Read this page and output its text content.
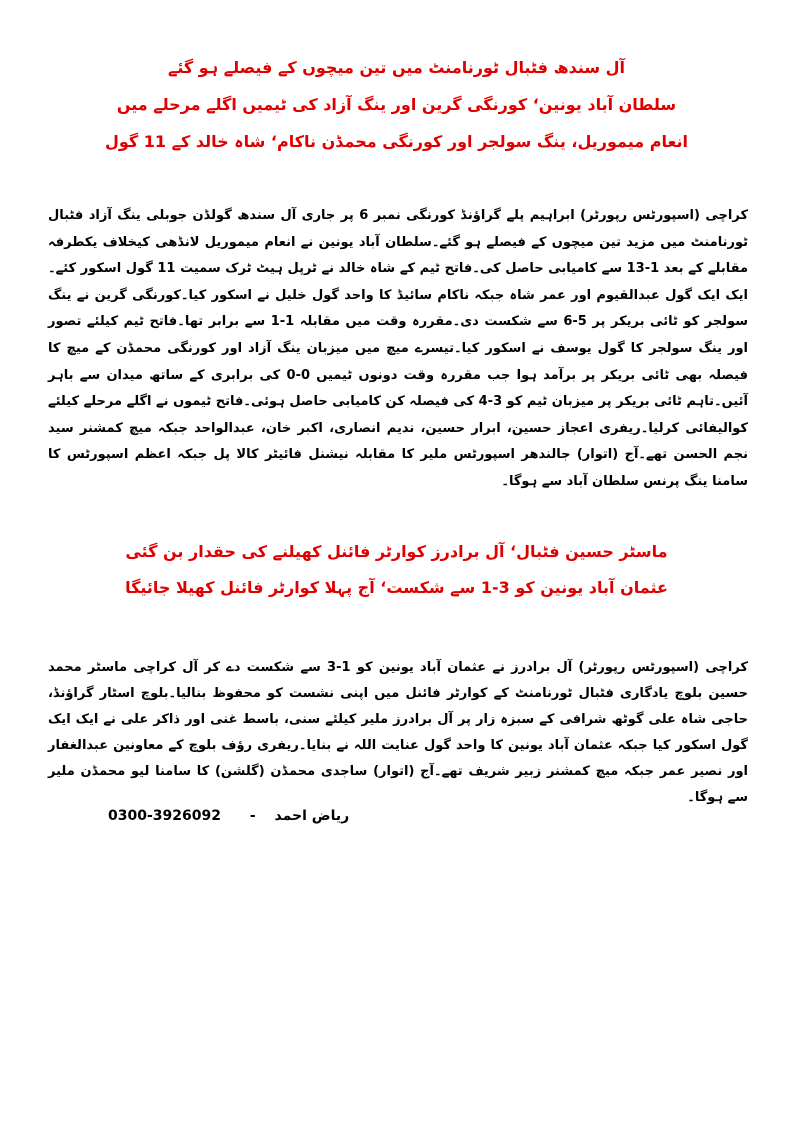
آل سندھ فٹبال ٹورنامنٹ میں تین میچوں کے فیصلے ہو گئے
سلطان آباد یونین‘ کورنگی گرین اور ینگ آزاد کی ٹیمیں اگلے مرحلے میں
انعام میموریل، ینگ سولجر اور کورنگی محمڈن ناکام‘ شاہ خالد کے 11 گول

کراچی (اسپورٹس رپورٹر) ابراہیم پلے گراؤنڈ کورنگی نمبر 6 پر جاری آل سندھ گولڈن جوبلی ینگ آزاد فٹبال ٹورنامنٹ میں مزید تین میچوں کے فیصلے ہو گئے۔سلطان آباد یونین نے انعام میموریل لانڈھی کیخلاف یکطرفہ مقابلے کے بعد 1-13 سے کامیابی حاصل کی۔فاتح ٹیم کے شاہ خالد نے ٹرپل ہیٹ ٹرک سمیت 11 گول اسکور کئے۔ایک ایک گول عبدالقیوم اور عمر شاہ جبکہ ناکام سائیڈ کا واحد گول خلیل نے اسکور کیا۔کورنگی گرین نے ینگ سولجر کو ٹائی بریکر پر 5-6 سے شکست دی۔مقررہ وقت میں مقابلہ 1-1 سے برابر تھا۔فاتح ٹیم کیلئے تصور اور ینگ سولجر کا گول یوسف نے اسکور کیا۔تیسرے میچ میں میزبان ینگ آزاد اور کورنگی محمڈن کے میچ کا فیصلہ بھی ٹائی بریکر پر برآمد ہوا جب مقررہ وقت دونوں ٹیمیں 0-0 کی برابری کے ساتھ میدان سے باہر آئیں۔تاہم ٹائی بریکر پر میزبان ٹیم کو 3-4 کی فیصلہ کن کامیابی حاصل ہوئی۔فاتح ٹیموں نے اگلے مرحلے کیلئے کوالیفائی کرلیا۔ریفری اعجاز حسین، ابرار حسین، ندیم انصاری، اکبر خان، عبدالواحد جبکہ میچ کمشنر سید نجم الحسن تھے۔آج (اتوار) جالندھر اسپورٹس ملیر کا مقابلہ نیشنل فائیٹر کالا پل جبکہ اعظم اسپورٹس کا سامنا ینگ پرنس سلطان آباد سے ہوگا۔

ماسٹر حسین فٹبال‘ آل برادرز کوارٹر فائنل کھیلنے کی حقدار بن گئی
عثمان آباد یونین کو 3-1 سے شکست‘ آج پہلا کوارٹر فائنل کھیلا جائیگا

کراچی (اسپورٹس رپورٹر) آل برادرز نے عثمان آباد یونین کو 1-3 سے شکست دے کر آل کراچی ماسٹر محمد حسین بلوچ یادگاری فٹبال ٹورنامنٹ کے کوارٹر فائنل میں اپنی نشست کو محفوظ بنالیا۔بلوچ اسٹار گراؤنڈ، حاجی شاہ علی گوٹھ شرافی کے سبزہ زار پر آل برادرز ملیر کیلئے سنی، باسط غنی اور ذاکر علی نے ایک ایک گول اسکور کیا جبکہ عثمان آباد یونین کا واحد گول عنایت اللہ نے بنایا۔ریفری رؤف بلوچ کے معاونین عبدالغفار اور نصیر عمر جبکہ میچ کمشنر زبیر شریف تھے۔آج (اتوار) ساجدی محمڈن (گلشن) کا سامنا لیو محمڈن ملیر سے ہوگا۔

0300-3926092 - ریاض احمد
